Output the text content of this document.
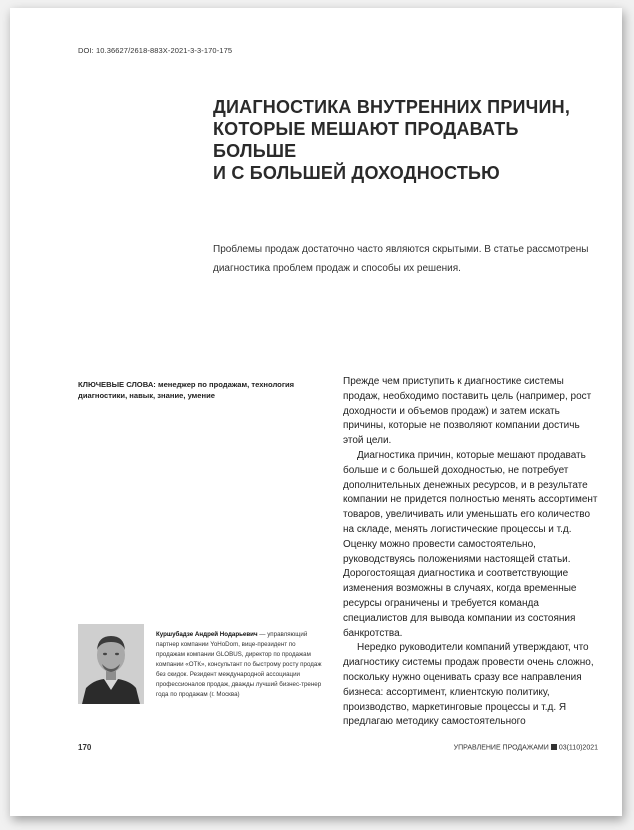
DOI: 10.36627/2618-883X-2021-3-3-170-175
ДИАГНОСТИКА ВНУТРЕННИХ ПРИЧИН,
КОТОРЫЕ МЕШАЮТ ПРОДАВАТЬ БОЛЬШЕ
И С БОЛЬШЕЙ ДОХОДНОСТЬЮ
Проблемы продаж достаточно часто являются скрытыми. В статье рассмотрены
диагностика проблем продаж и способы их решения.
КЛЮЧЕВЫЕ СЛОВА: менеджер по продажам, технология диагностики, навык, знание, умение

Прежде чем приступить к диагностике системы продаж, необходимо поставить цель (например, рост доходности и объемов продаж) и затем искать причины, которые не позволяют компании достичь этой цели.

Диагностика причин, которые мешают продавать больше и с большей доходностью, не потребует дополнительных денежных ресурсов, и в результате компании не придется полностью менять ассортимент товаров, увеличивать или уменьшать его количество на складе, менять логистические процессы и т.д. Оценку можно провести самостоятельно, руководствуясь положениями настоящей статьи. Дорогостоящая диагностика и соответствующие изменения возможны в случаях, когда временные ресурсы ограничены и требуется команда специалистов для вывода компании из состояния банкротства.

Нередко руководители компаний утверждают, что диагностику системы продаж провести очень сложно, поскольку нужно оценивать сразу все направления бизнеса: ассортимент, клиентскую политику, производство, маркетинговые процессы и т.д. Я предлагаю методику самостоятельного

Куршубадзе Андрей Нодарьевич — управляющий партнер компании YoHoDom, вице-президент по продажам компании GLOBUS, директор по продажам компании «ОТК», консультант по быстрому росту продаж без скидок. Резидент международной ассоциации профессионалов продаж, дважды лучший бизнес-тренер года по продажам (г. Москва)
170	УПРАВЛЕНИЕ ПРОДАЖАМИ 03(110)2021
